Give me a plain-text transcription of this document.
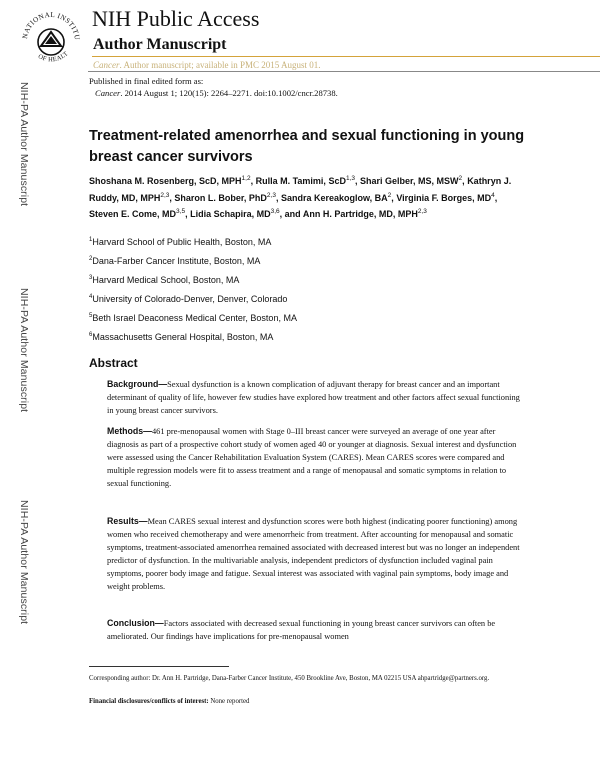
NATIONAL INSTITU
OF HEALT
NIH Public Access
Author Manuscript
Cancer. Author manuscript; available in PMC 2015 August 01.
Published in final edited form as:
Cancer. 2014 August 1; 120(15): 2264–2271. doi:10.1002/cncr.28738.
NIH-PA Author Manuscript
NIH-PA Author Manuscript
NIH-PA Author Manuscript
Treatment-related amenorrhea and sexual functioning in young breast cancer survivors
Shoshana M. Rosenberg, ScD, MPH$^{1,2}$, Rulla M. Tamimi, ScD$^{1,3}$, Shari Gelber, MS, MSW$^2$, Kathryn J. Ruddy, MD, MPH$^{2,3}$, Sharon L. Bober, PhD$^{2,3}$, Sandra Kereakoglow, $BA^2$, Virginia F. Borges, $MD^4$, Steven E. Come, MD$^{3,5}$, Lidia Schapira, MD$^{3,6}$, and Ann H. Partridge, MD, MPH$^{2,3}$
$^1$Harvard School of Public Health, Boston, MA
$^2$Dana-Farber Cancer Institute, Boston, MA
$^3$Harvard Medical School, Boston, MA
$^4$University of Colorado-Denver, Denver, Colorado
$^5$Beth Israel Deaconess Medical Center, Boston, MA
$^6$Massachusetts General Hospital, Boston, MA
Abstract
Background—Sexual dysfunction is a known complication of adjuvant therapy for breast cancer and an important determinant of quality of life, however few studies have explored how treatment and other factors affect sexual functioning in young breast cancer survivors.
Methods—461 pre-menopausal women with Stage 0–III breast cancer were surveyed an average of one year after diagnosis as part of a prospective cohort study of women aged 40 or younger at diagnosis. Sexual interest and dysfunction were assessed using the Cancer Rehabilitation Evaluation System (CARES). Mean CARES scores were compared and multiple regression models were fit to assess treatment and a range of menopausal and somatic symptoms in relation to sexual functioning.
Results—Mean CARES sexual interest and dysfunction scores were both highest (indicating poorer functioning) among women who received chemotherapy and were amenorrheic from treatment. After accounting for menopausal and somatic symptoms, treatment-associated amenorrhea remained associated with decreased interest but was no longer an independent predictor of dysfunction. In the multivariable analysis, independent predictors of dysfunction included vaginal pain symptoms, poorer body image and fatigue. Sexual interest was associated with vaginal pain symptoms, body image and weight problems.
Conclusion—Factors associated with decreased sexual functioning in young breast cancer survivors can often be ameliorated. Our findings have implications for pre-menopausal women
Corresponding author: Dr. Ann H. Partridge, Dana-Farber Cancer Institute, 450 Brookline Ave, Boston, MA 02215 USA ahpartridge@partners.org.
Financial disclosures/conflicts of interest: None reported
